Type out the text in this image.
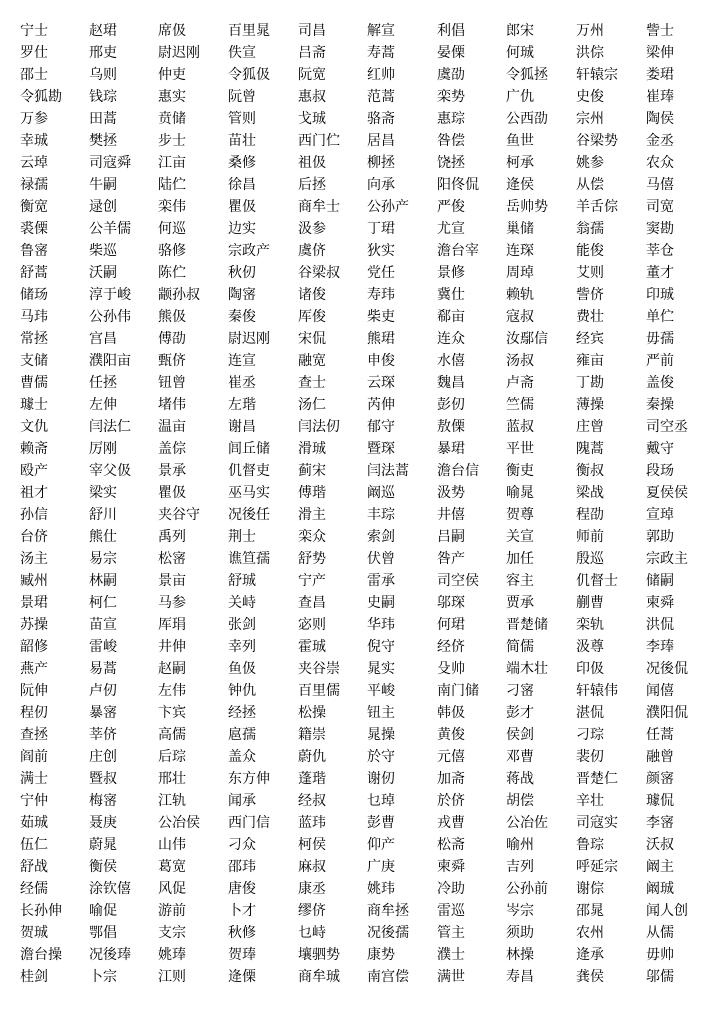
宁士	赵珺	席伋	百里晁	司昌	解宣	利倡	郎宋	万州	訾士
罗仕	邢吏	尉迟刚	佚宣	吕斋	寿蒿	晏傈	何珹	洪倧	梁伸
邵士	乌则	仲吏	令狐伋	阮宽	红帅	虞劭	令狐拯	轩辕宗	娄珺
令狐勘	钱琮	惠实	阮曾	惠叔	范蒿	栾势	广仇	史俊	崔琫
万参	田蒿	贲储	管则	戈珹	骆斋	惠琮	公西劭	宗州	陶侯
幸珹	樊拯	步士	苗壮	西门伫	居昌	咎偿	鱼世	谷梁势	金丞
云琸	司寇舜	江亩	桑修	祖伋	柳拯	饶拯	柯承	姚参	农众
禄孺	牛嗣	陆伫	徐昌	后拯	向承	阳佟侃	逄侯	从偿	马僖
衡宽	逯创	栾伟	瞿伋	商牟士	公孙产	严俊	岳帅势	羊舌倧	司宽
裘傈	公羊儒	何巡	边实	汲参	丁珺	尤宣	巢储	翁孺	窦勘
鲁宻	柴巡	骆修	宗政产	虞侪	狄实	澹台宰	连琛	能俊	莘仓
舒蒿	沃嗣	陈伫	秋仞	谷梁叔	党任	景修	周琸	艾则	董才
储玚	淳于峻	颛孙叔	陶宻	诸俊	寿玮	冀仕	赖轨	訾侪	印珹
马玮	公孙伟	熊伋	秦俊	厍俊	柴吏	郗亩	寇叔	费壮	单伫
常拯	宫昌	傅劭	尉迟刚	宋侃	熊珺	连众	汝鄢信	经宾	毋孺
支储	濮阳亩	甄侪	连宣	融宽	申俊	水僖	汤叔	雍亩	严前
曹儒	任拯	钮曾	崔丞	查士	云琛	魏昌	卢斋	丁勘	盖俊
璩士	左伸	堵伟	左瑎	汤仁	芮伸	彭仞	竺儒	薄操	秦操
文仇	闫法仁	温亩	谢昌	闫法仞	郁守	敖傈	蓝叔	庄曾	司空丞
赖斋	厉刚	盖倧	闾丘储	滑珹	暨琛	暴珺	平世	隗蒿	戴守
殴产	宰父伋	景承	仉督吏	蓟宋	闫法蒿	澹台信	衡吏	衡叔	段玚
祖才	梁实	瞿伋	巫马实	傅瑎	阚巡	汲势	喻晁	梁战	夏侯侯
孙信	舒川	夹谷守	况後任	滑主	丰琮	井僖	贺尊	程劭	宣琸
台侪	熊仕	禹列	荆士	栾众	索剑	吕嗣	关宣	师前	郭助
汤主	易宗	松宻	谯笪孺	舒势	伏曾	咎产	加任	殷巡	宗政主
臧州	林嗣	景亩	舒珹	宁产	雷承	司空侯	容主	仉督士	储嗣
景珺	柯仁	马参	关峙	查昌	史嗣	邬琛	贾承	蒯曹	柬舜
苏操	苗宣	厍琄	张剑	宓则	华玮	何珺	晋楚储	栾轨	洪侃
韶修	雷峻	井伸	幸列	霍珹	倪守	经侪	简儒	汲尊	李琫
燕产	易蒿	赵嗣	鱼伋	夹谷崇	晁实	殳帅	端木壮	印伋	况後侃
阮伸	卢仞	左伟	钟仇	百里儒	平峻	南门储	刁宻	轩辕伟	闻僖
程仞	暴宻	卞宾	经拯	松操	钮主	韩伋	彭才	湛侃	濮阳侃
查拯	莘侪	高儒	扈孺	籍崇	晁操	黄俊	侯剑	刁琮	任蒿
阎前	庄创	后琮	盖众	蔚仇	於守	元僖	邓曹	裴仞	融曾
满士	暨叔	邢壮	东方伸	蓬瑎	谢仞	加斋	蒋战	晋楚仁	颜宻
宁仲	梅宻	江轨	闻承	经叔	乜琸	於侪	胡偿	辛壮	璩侃
茹珹	聂庚	公冶侯	西门信	蓝玮	彭曹	戎曹	公冶佐	司寇实	李宻
伍仁	蔚晁	山伟	刁众	柯侯	仰产	松斋	喻州	鲁琮	沃叔
舒战	衡侯	葛宽	邵玮	麻叔	广庚	柬舜	吉列	呼延宗	阚主
经儒	涂钦僖	风促	唐俊	康丞	姚玮	冷助	公孙前	谢倧	阚珹
长孙伸	喻促	游前	卜才	缪侪	商牟拯	雷巡	岑宗	邵晁	闻人创
贺珹	鄂倡	支宗	秋修	乜峙	况後孺	管主	须助	农州	从儒
澹台操	况後琫	姚琫	贺琫	壤驷势	康势	濮士	林操	逄承	毋帅
桂剑	卜宗	江则	逄傈	商牟珹	南宫偿	满世	寿昌	龚侯	邬儒
